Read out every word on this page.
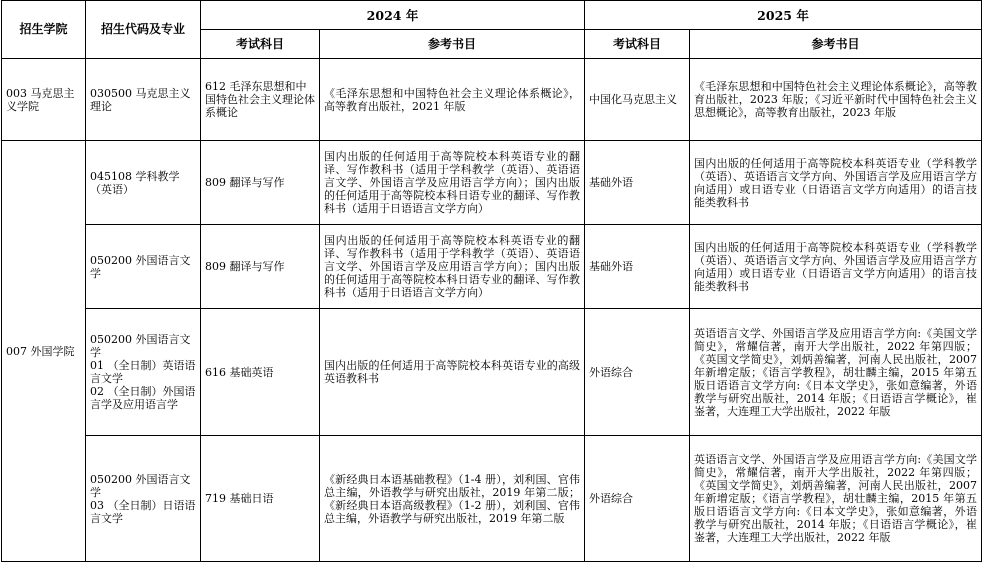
招生学院	招生代码及专业	2024 年		2025 年	
		考试科目	参考书目	考试科目	参考书目
003 马克思主义学院	030500 马克思主义理论	612 毛泽东思想和中国特色社会主义理论体系概论	《毛泽东思想和中国特色社会主义理论体系概论》，高等教育出版社，2021 年版	中国化马克思主义	《毛泽东思想和中国特色社会主义理论体系概论》，高等教育出版社，2023 年版；《习近平新时代中国特色社会主义思想概论》，高等教育出版社，2023 年版
007 外国学院	045108 学科教学（英语）	809 翻译与写作	国内出版的任何适用于高等院校本科英语专业的翻译、写作教科书（适用于学科教学（英语）、英语语言文学、外国语言学及应用语言学方向）；国内出版的任何适用于高等院校本科日语专业的翻译、写作教科书（适用于日语语言文学方向）	基础外语	国内出版的任何适用于高等院校本科英语专业（学科教学（英语）、英语语言文学方向、外国语言学及应用语言学方向适用）或日语专业（日语语言文学方向适用）的语言技能类教科书
	050200 外国语言文学	809 翻译与写作	国内出版的任何适用于高等院校本科英语专业的翻译、写作教科书（适用于学科教学（英语）、英语语言文学、外国语言学及应用语言学方向）；国内出版的任何适用于高等院校本科日语专业的翻译、写作教科书（适用于日语语言文学方向）	基础外语	国内出版的任何适用于高等院校本科英语专业（学科教学（英语）、英语语言文学方向、外国语言学及应用语言学方向适用）或日语专业（日语语言文学方向适用）的语言技能类教科书

	050200 外国语言文学
01 （全日制）英语语言文学
02 （全日制）外国语言学及应用语言学	616 基础英语	国内出版的任何适用于高等院校本科英语专业的高级英语教科书	外语综合	英语语言文学、外国语言学及应用语言学方向:《美国文学简史》，常耀信著，南开大学出版社，2022 年第四版；《英国文学简史》，刘炳善编著，河南人民出版社，2007 年新增定版；《语言学教程》，胡壮麟主编，2015 年第五版日语语言文学方向:《日本文学史》，张如意编著，外语教学与研究出版社，2014 年版；《日语语言学概论》，崔崟著，大连理工大学出版社，2022 年版

	050200 外国语言文学
03 （全日制）日语语言文学	719 基础日语	《新经典日本语基础教程》（1-4 册），刘利国、官伟总主编，外语教学与研究出版社，2019 年第二版；《新经典日本语高级教程》（1-2 册），刘利国、官伟总主编，外语教学与研究出版社，2019 年第二版	外语综合	英语语言文学、外国语言学及应用语言学方向:《美国文学简史》，常耀信著，南开大学出版社，2022 年第四版；《英国文学简史》，刘炳善编著，河南人民出版社，2007 年新增定版；《语言学教程》，胡壮麟主编，2015 年第五版日语语言文学方向:《日本文学史》，张如意编著，外语教学与研究出版社，2014 年版；《日语语言学概论》，崔崟著，大连理工大学出版社，2022 年版
